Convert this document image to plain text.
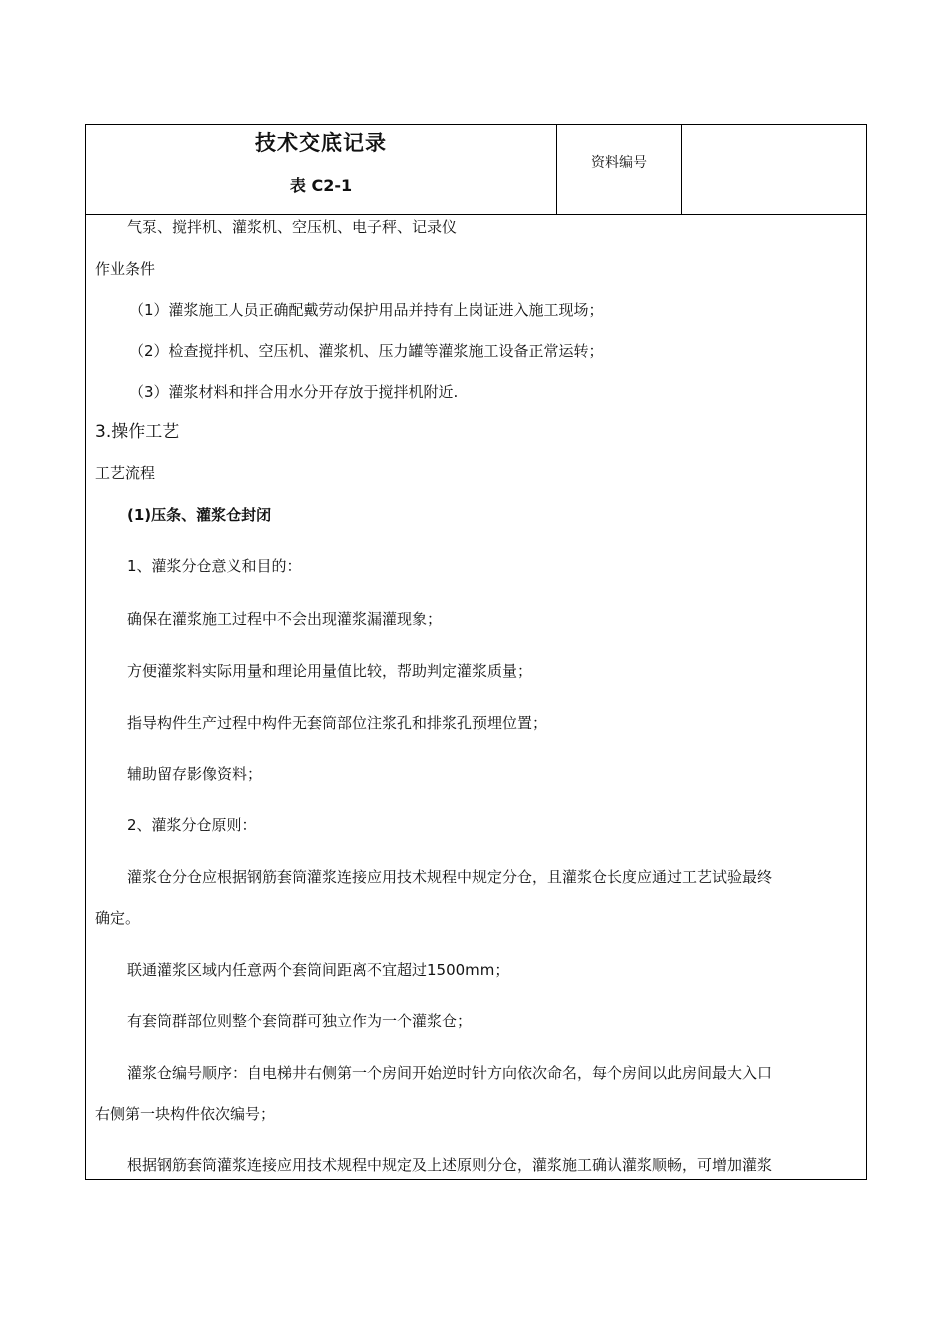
技术交底记录
表 C2-1
资料编号
气泵、搅拌机、灌浆机、空压机、电子秤、记录仪
作业条件
（1）灌浆施工人员正确配戴劳动保护用品并持有上岗证进入施工现场；
（2）检查搅拌机、空压机、灌浆机、压力罐等灌浆施工设备正常运转；
（3）灌浆材料和拌合用水分开存放于搅拌机附近.
3.操作工艺
工艺流程
(1)压条、灌浆仓封闭
1、灌浆分仓意义和目的：
确保在灌浆施工过程中不会出现灌浆漏灌现象；
方便灌浆料实际用量和理论用量值比较，帮助判定灌浆质量；
指导构件生产过程中构件无套筒部位注浆孔和排浆孔预埋位置；
辅助留存影像资料；
2、灌浆分仓原则：
灌浆仓分仓应根据钢筋套筒灌浆连接应用技术规程中规定分仓，且灌浆仓长度应通过工艺试验最终
确定。
联通灌浆区域内任意两个套筒间距离不宜超过1500mm；
有套筒群部位则整个套筒群可独立作为一个灌浆仓；
灌浆仓编号顺序：自电梯井右侧第一个房间开始逆时针方向依次命名，每个房间以此房间最大入口
右侧第一块构件依次编号；
根据钢筋套筒灌浆连接应用技术规程中规定及上述原则分仓，灌浆施工确认灌浆顺畅，可增加灌浆
